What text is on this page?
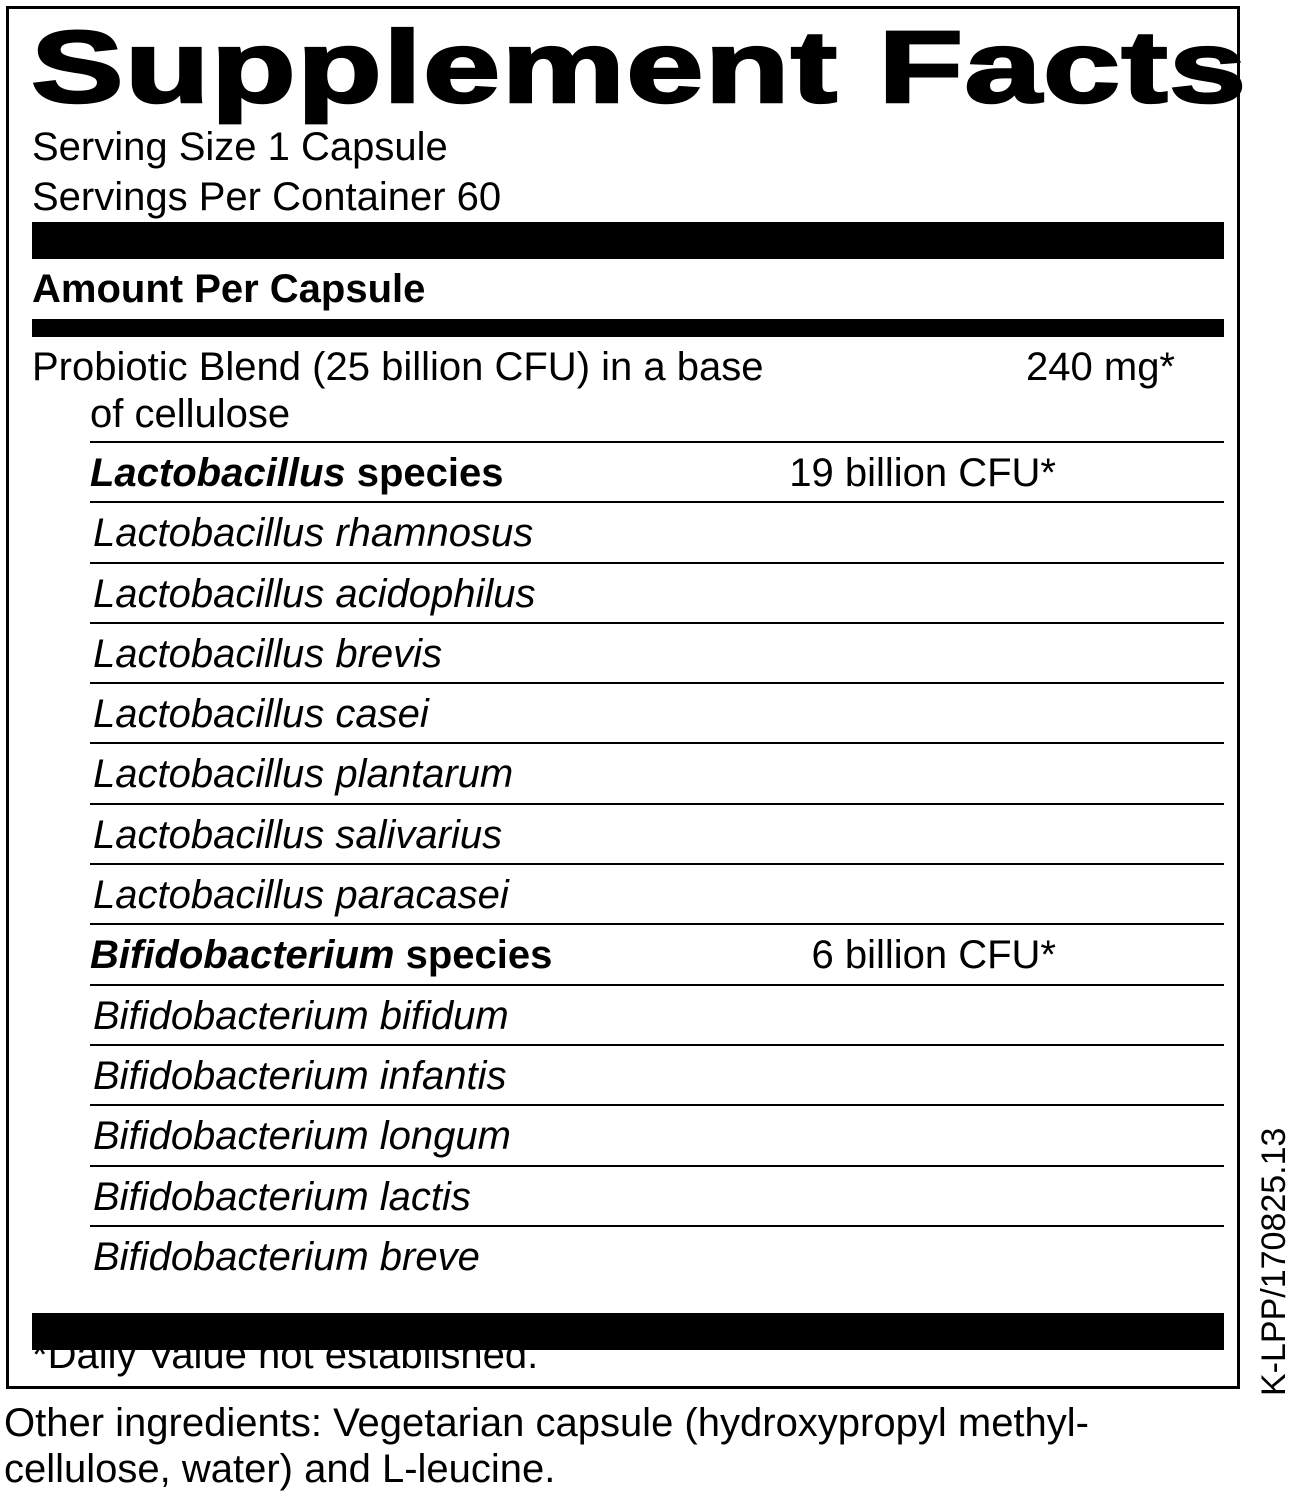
Supplement Facts
Serving Size 1 Capsule
Servings Per Container 60
Amount Per Capsule
Probiotic Blend (25 billion CFU) in a base
of cellulose
240 mg*
Lactobacillus species	19 billion CFU*
Lactobacillus rhamnosus
Lactobacillus acidophilus
Lactobacillus brevis
Lactobacillus casei
Lactobacillus plantarum
Lactobacillus salivarius
Lactobacillus paracasei
Bifidobacterium species	6 billion CFU*
Bifidobacterium bifidum
Bifidobacterium infantis
Bifidobacterium longum
Bifidobacterium lactis
Bifidobacterium breve
*Daily Value not established.
Other ingredients: Vegetarian capsule (hydroxypropyl methyl-cellulose, water) and L-leucine.
K-LPP/170825.13
